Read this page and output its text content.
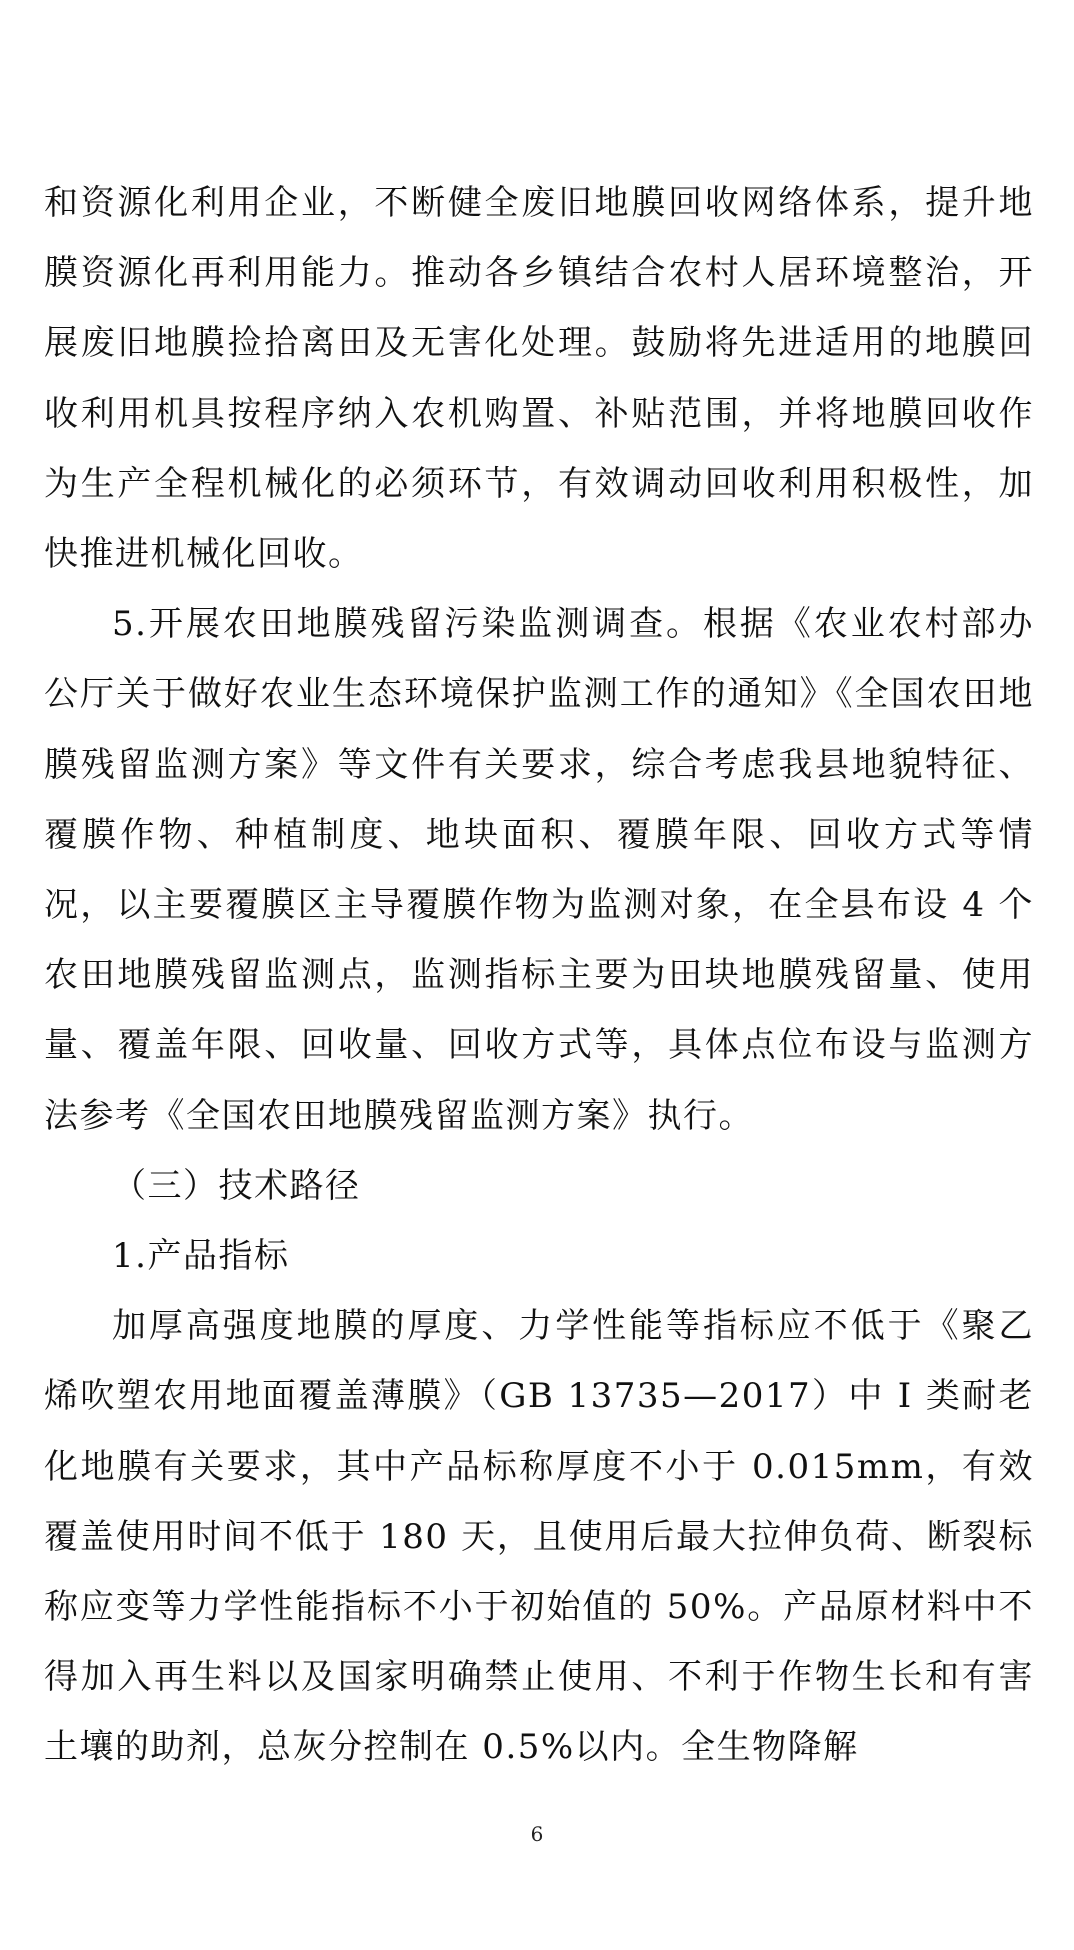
和资源化利用企业，不断健全废旧地膜回收网络体系，提升地膜资源化再利用能力。推动各乡镇结合农村人居环境整治，开展废旧地膜捡拾离田及无害化处理。鼓励将先进适用的地膜回收利用机具按程序纳入农机购置、补贴范围，并将地膜回收作为生产全程机械化的必须环节，有效调动回收利用积极性，加快推进机械化回收。

5.开展农田地膜残留污染监测调查。根据《农业农村部办公厅关于做好农业生态环境保护监测工作的通知》《全国农田地膜残留监测方案》等文件有关要求，综合考虑我县地貌特征、覆膜作物、种植制度、地块面积、覆膜年限、回收方式等情况，以主要覆膜区主导覆膜作物为监测对象，在全县布设 4 个农田地膜残留监测点，监测指标主要为田块地膜残留量、使用量、覆盖年限、回收量、回收方式等，具体点位布设与监测方法参考《全国农田地膜残留监测方案》执行。

（三）技术路径

1.产品指标

加厚高强度地膜的厚度、力学性能等指标应不低于《聚乙烯吹塑农用地面覆盖薄膜》（GB 13735—2017）中 I 类耐老化地膜有关要求，其中产品标称厚度不小于 0.015mm，有效覆盖使用时间不低于 180 天，且使用后最大拉伸负荷、断裂标称应变等力学性能指标不小于初始值的 50%。产品原材料中不得加入再生料以及国家明确禁止使用、不利于作物生长和有害土壤的助剂，总灰分控制在 0.5%以内。全生物降解

6
